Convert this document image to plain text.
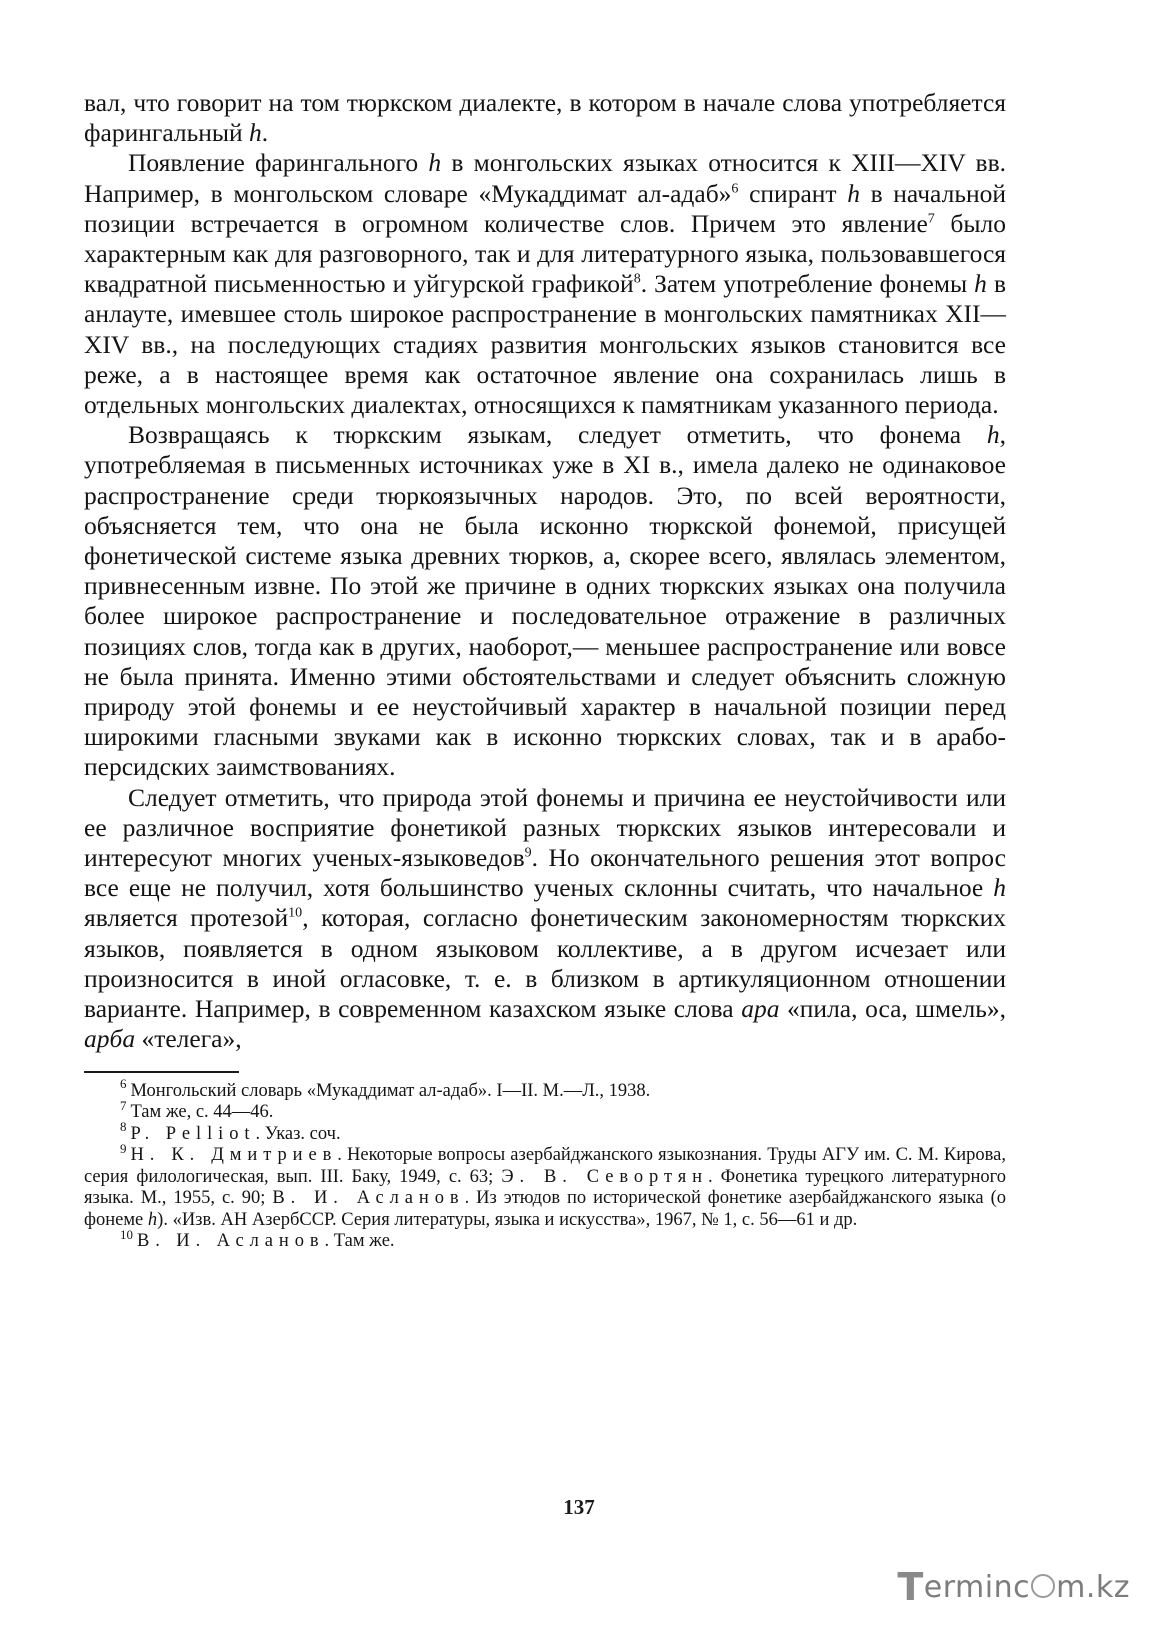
вал, что говорит на том тюркском диалекте, в котором в начале слова употребляется фарингальный h.

Появление фарингального h в монгольских языках относится к XIII—XIV вв. Например, в монгольском словаре «Мукаддимат ал-адаб»$^6$ спирант h в начальной позиции встречается в огромном количестве слов. Причем это явление$^7$ было характерным как для разговорного, так и для литературного языка, пользовавшегося квадратной письменностью и уйгурской графикой$^8$. Затем употребление фонемы h в анлауте, имевшее столь широкое распространение в монгольских памятниках XII—XIV вв., на последующих стадиях развития монгольских языков становится все реже, а в настоящее время как остаточное явление она сохранилась лишь в отдельных монгольских диалектах, относящихся к памятникам указанного периода.

Возвращаясь к тюркским языкам, следует отметить, что фонема h, употребляемая в письменных источниках уже в XI в., имела далеко не одинаковое распространение среди тюркоязычных народов. Это, по всей вероятности, объясняется тем, что она не была исконно тюркской фонемой, присущей фонетической системе языка древних тюрков, а, скорее всего, являлась элементом, привнесенным извне. По этой же причине в одних тюркских языках она получила более широкое распространение и последовательное отражение в различных позициях слов, тогда как в других, наоборот,— меньшее распространение или вовсе не была принята. Именно этими обстоятельствами и следует объяснить сложную природу этой фонемы и ее неустойчивый характер в начальной позиции перед широкими гласными звуками как в исконно тюркских словах, так и в арабо-персидских заимствованиях.

Следует отметить, что природа этой фонемы и причина ее неустойчивости или ее различное восприятие фонетикой разных тюркских языков интересовали и интересуют многих ученых-языковедов$^9$. Но окончательного решения этот вопрос все еще не получил, хотя большинство ученых склонны считать, что начальное h является протезой$^{10}$, которая, согласно фонетическим закономерностям тюркских языков, появляется в одном языковом коллективе, а в другом исчезает или произносится в иной огласовке, т. е. в близком в артикуляционном отношении варианте. Например, в современном казахском языке слова ара «пила, оса, шмель», арба «телега»,

$^6$ Монгольский словарь «Мукаддимат ал-адаб». I—II. М.—Л., 1938.

$^7$ Там же, с. 44—46.

$^8$ P. Pelliot. Указ. соч.

$^9$ Н. К. Дмитриев. Некоторые вопросы азербайджанского языкознания. Труды АГУ им. С. М. Кирова, серия филологическая, вып. III. Баку, 1949, с. 63; Э. В. Севортян. Фонетика турецкого литературного языка. М., 1955, с. 90; В. И. Асланов. Из этюдов по исторической фонетике азербайджанского языка (о фонеме h). «Изв. АН АзербССР. Серия литературы, языка и искусства», 1967, № 1, с. 56—61 и др.

$^{10}$ В. И. Асланов. Там же.

137
Terminc m.kz
